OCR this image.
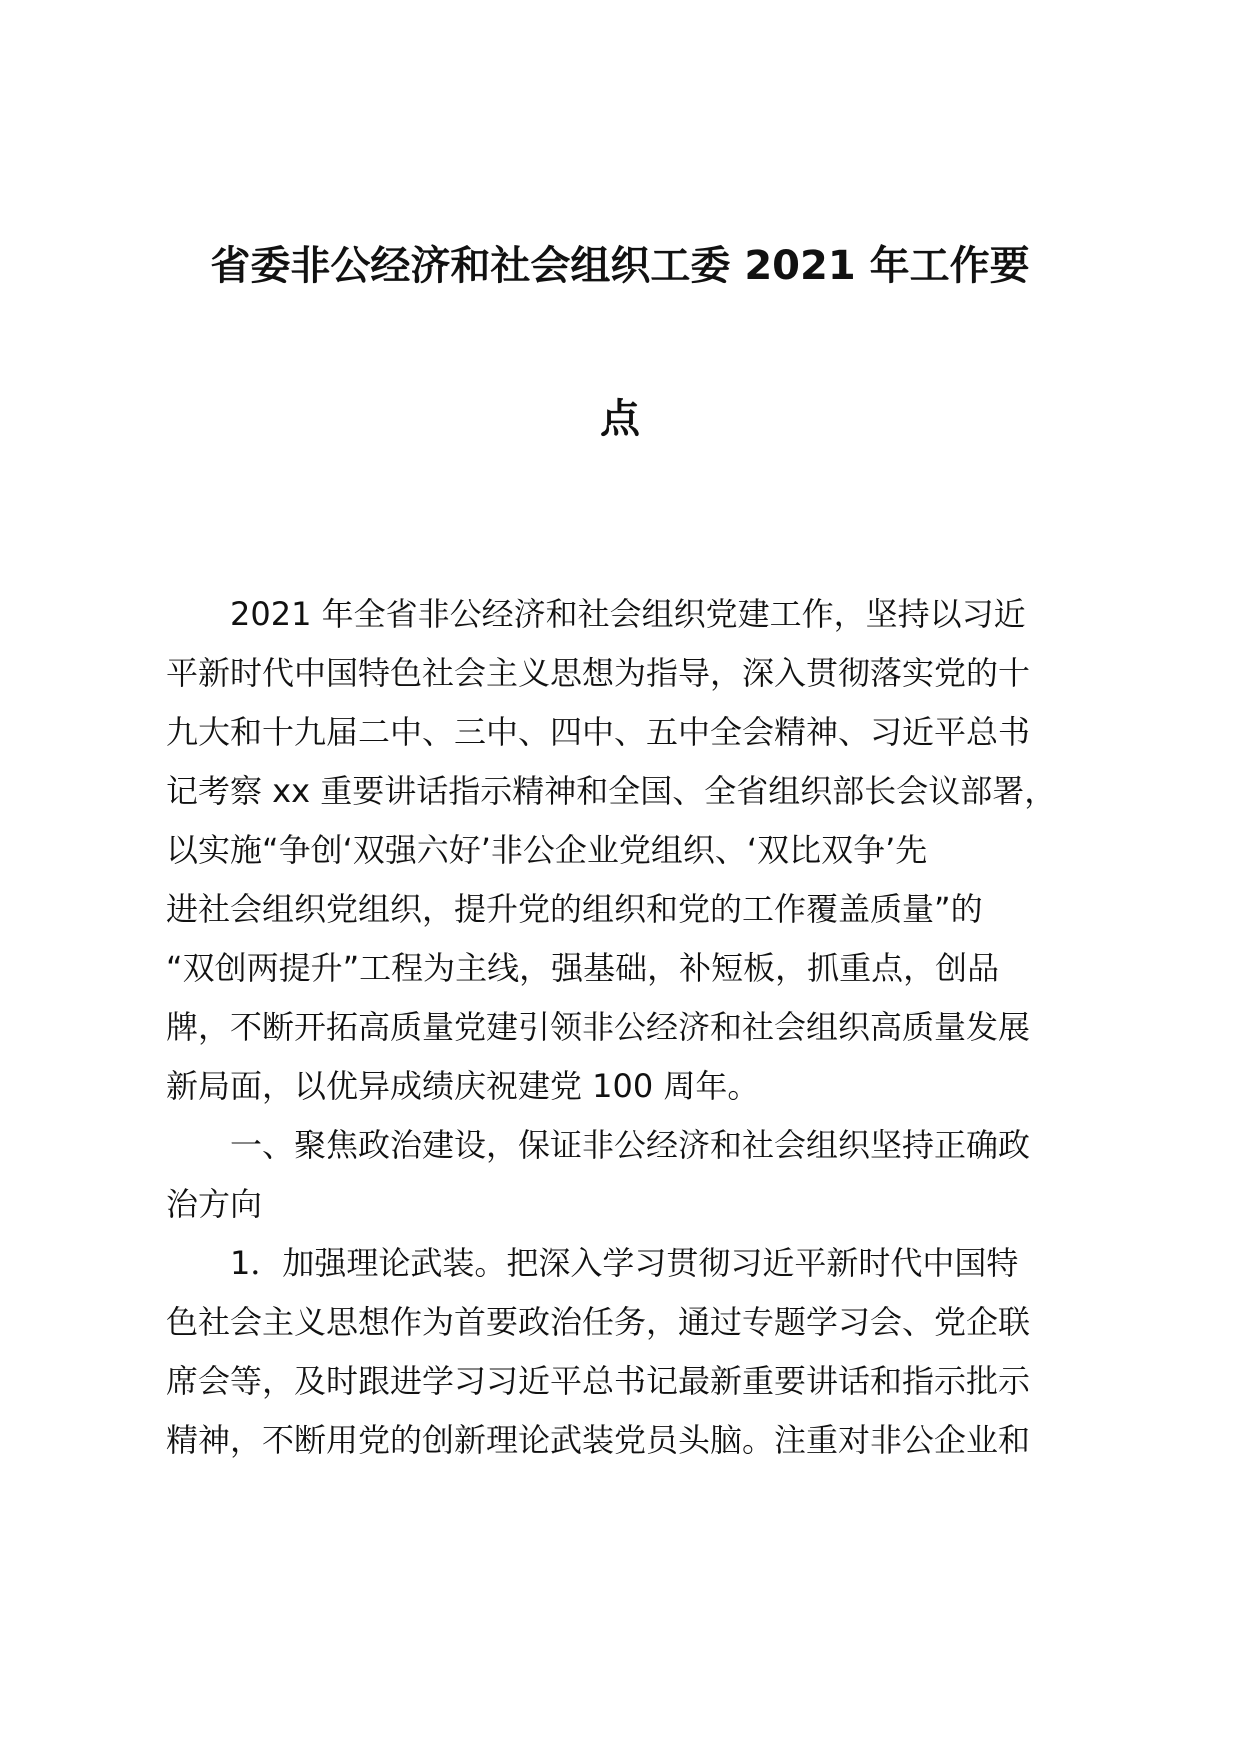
省委非公经济和社会组织工委 2021 年工作要
点
　　2021 年全省非公经济和社会组织党建工作，坚持以习近
平新时代中国特色社会主义思想为指导，深入贯彻落实党的十
九大和十九届二中、三中、四中、五中全会精神、习近平总书
记考察 xx 重要讲话指示精神和全国、全省组织部长会议部署，
以实施“争创‘双强六好’非公企业党组织、‘双比双争’先
进社会组织党组织，提升党的组织和党的工作覆盖质量”的
“双创两提升”工程为主线，强基础，补短板，抓重点，创品
牌，不断开拓高质量党建引领非公经济和社会组织高质量发展
新局面，以优异成绩庆祝建党 100 周年。
　　一、聚焦政治建设，保证非公经济和社会组织坚持正确政
治方向
　　1．加强理论武装。把深入学习贯彻习近平新时代中国特
色社会主义思想作为首要政治任务，通过专题学习会、党企联
席会等，及时跟进学习习近平总书记最新重要讲话和指示批示
精神，不断用党的创新理论武装党员头脑。注重对非公企业和
